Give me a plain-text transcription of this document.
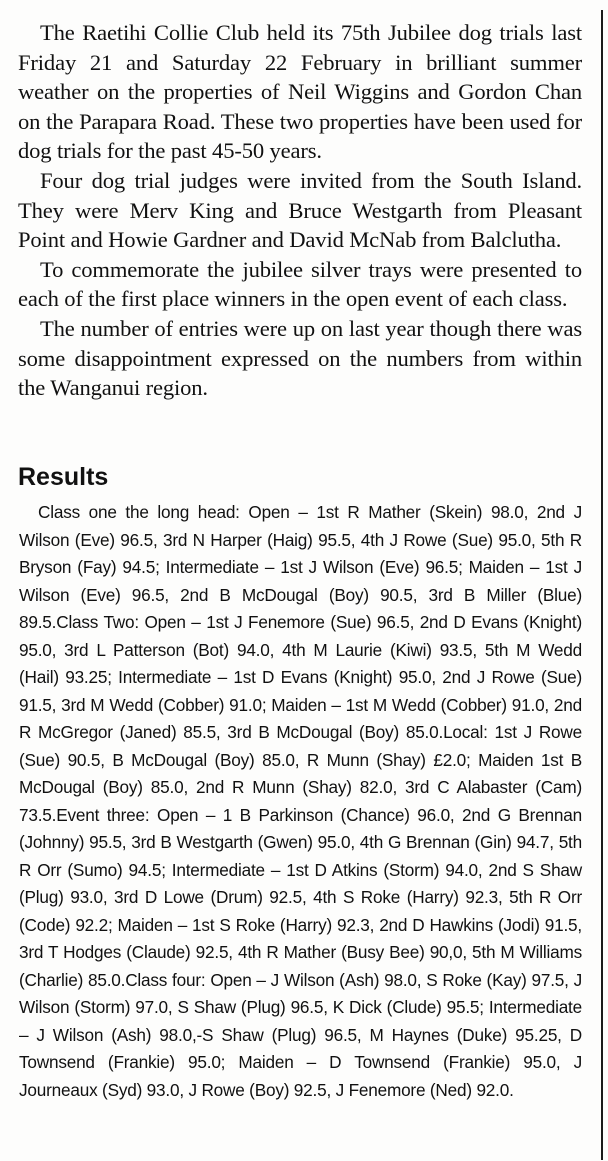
The Raetihi Collie Club held its 75th Jubilee dog trials last Friday 21 and Saturday 22 February in brilliant summer weather on the properties of Neil Wiggins and Gordon Chan on the Parapara Road. These two properties have been used for dog trials for the past 45-50 years.

Four dog trial judges were invited from the South Island. They were Merv King and Bruce Westgarth from Pleasant Point and Howie Gardner and David McNab from Balclutha.

To commemorate the jubilee silver trays were presented to each of the first place winners in the open event of each class.

The number of entries were up on last year though there was some disappointment expressed on the numbers from within the Wanganui region.

Results

Class one the long head: Open – 1st R Mather (Skein) 98.0, 2nd J Wilson (Eve) 96.5, 3rd N Harper (Haig) 95.5, 4th J Rowe (Sue) 95.0, 5th R Bryson (Fay) 94.5; Intermediate – 1st J Wilson (Eve) 96.5; Maiden – 1st J Wilson (Eve) 96.5, 2nd B McDougal (Boy) 90.5, 3rd B Miller (Blue) 89.5.Class Two: Open – 1st J Fenemore (Sue) 96.5, 2nd D Evans (Knight) 95.0, 3rd L Patterson (Bot) 94.0, 4th M Laurie (Kiwi) 93.5, 5th M Wedd (Hail) 93.25; Intermediate – 1st D Evans (Knight) 95.0, 2nd J Rowe (Sue) 91.5, 3rd M Wedd (Cobber) 91.0; Maiden – 1st M Wedd (Cobber) 91.0, 2nd R McGregor (Janed) 85.5, 3rd B McDougal (Boy) 85.0.Local: 1st J Rowe (Sue) 90.5, B McDougal (Boy) 85.0, R Munn (Shay) £2.0; Maiden 1st B McDougal (Boy) 85.0, 2nd R Munn (Shay) 82.0, 3rd C Alabaster (Cam) 73.5.Event three: Open – 1 B Parkinson (Chance) 96.0, 2nd G Brennan (Johnny) 95.5, 3rd B Westgarth (Gwen) 95.0, 4th G Brennan (Gin) 94.7, 5th R Orr (Sumo) 94.5; Intermediate – 1st D Atkins (Storm) 94.0, 2nd S Shaw (Plug) 93.0, 3rd D Lowe (Drum) 92.5, 4th S Roke (Harry) 92.3, 5th R Orr (Code) 92.2; Maiden – 1st S Roke (Harry) 92.3, 2nd D Hawkins (Jodi) 91.5, 3rd T Hodges (Claude) 92.5, 4th R Mather (Busy Bee) 90,0, 5th M Williams (Charlie) 85.0.Class four: Open – J Wilson (Ash) 98.0, S Roke (Kay) 97.5, J Wilson (Storm) 97.0, S Shaw (Plug) 96.5, K Dick (Clude) 95.5; Intermediate – J Wilson (Ash) 98.0,-S Shaw (Plug) 96.5, M Haynes (Duke) 95.25, D Townsend (Frankie) 95.0; Maiden – D Townsend (Frankie) 95.0, J Journeaux (Syd) 93.0, J Rowe (Boy) 92.5, J Fenemore (Ned) 92.0.
